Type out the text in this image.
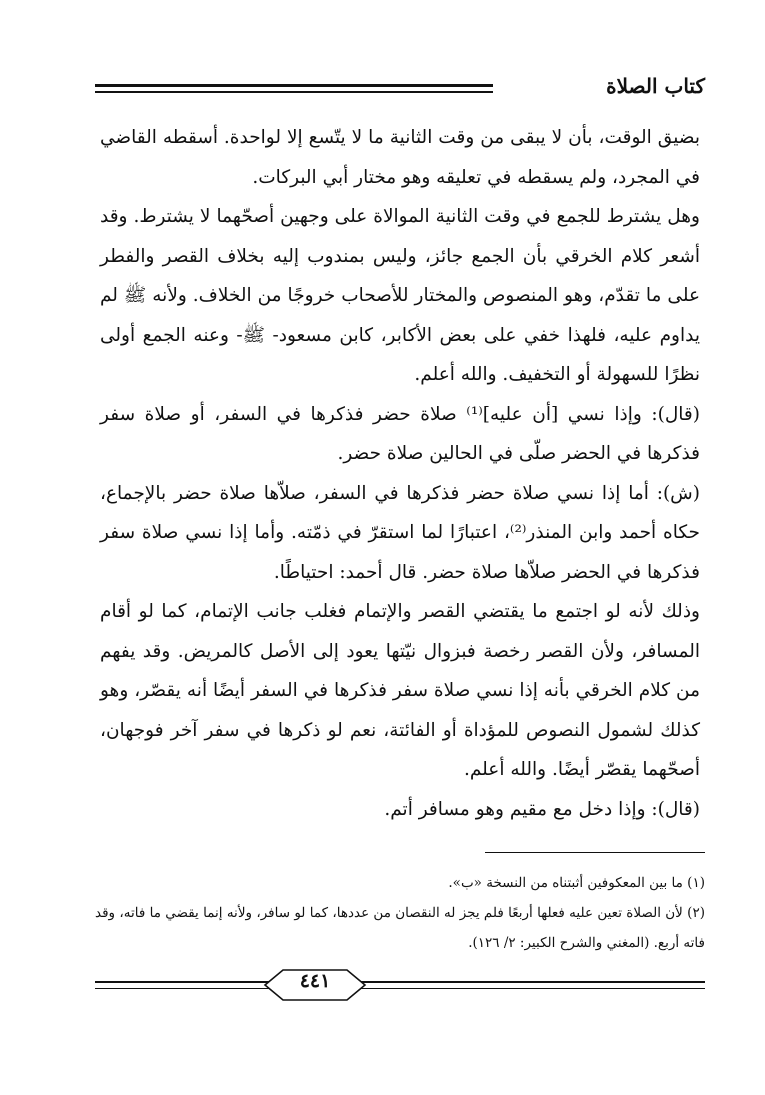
كتاب الصلاة

بضيق الوقت، بأن لا يبقى من وقت الثانية ما لا يتّسع إلا لواحدة. أسقطه القاضي في المجرد، ولم يسقطه في تعليقه وهو مختار أبي البركات.

وهل يشترط للجمع في وقت الثانية الموالاة على وجهين أصحّهما لا يشترط. وقد أشعر كلام الخرقي بأن الجمع جائز، وليس بمندوب إليه بخلاف القصر والفطر على ما تقدّم، وهو المنصوص والمختار للأصحاب خروجًا من الخلاف. ولأنه ﷺ لم يداوم عليه، فلهذا خفي على بعض الأكابر، كابن مسعود- ﷺ- وعنه الجمع أولى نظرًا للسهولة أو التخفيف. والله أعلم.

(قال): وإذا نسي [أن عليه]⁽¹⁾ صلاة حضر فذكرها في السفر، أو صلاة سفر فذكرها في الحضر صلّى في الحالين صلاة حضر.

(ش): أما إذا نسي صلاة حضر فذكرها في السفر، صلاّها صلاة حضر بالإجماع، حكاه أحمد وابن المنذر⁽²⁾، اعتبارًا لما استقرّ في ذمّته. وأما إذا نسي صلاة سفر فذكرها في الحضر صلاّها صلاة حضر. قال أحمد: احتياطًا.

وذلك لأنه لو اجتمع ما يقتضي القصر والإتمام فغلب جانب الإتمام، كما لو أقام المسافر، ولأن القصر رخصة فبزوال نيّتها يعود إلى الأصل كالمريض. وقد يفهم من كلام الخرقي بأنه إذا نسي صلاة سفر فذكرها في السفر أيضًا أنه يقصّر، وهو كذلك لشمول النصوص للمؤداة أو الفائتة، نعم لو ذكرها في سفر آخر فوجهان، أصحّهما يقصّر أيضًا. والله أعلم.

(قال): وإذا دخل مع مقيم وهو مسافر أتم.

(١) ما بين المعكوفين أثبتناه من النسخة «ب».

(٢) لأن الصلاة تعين عليه فعلها أربعًا فلم يجز له النقصان من عددها، كما لو سافر، ولأنه إنما يقضي ما فاته، وقد فاته أربع. (المغني والشرح الكبير: ٢/ ١٢٦).

٤٤١
